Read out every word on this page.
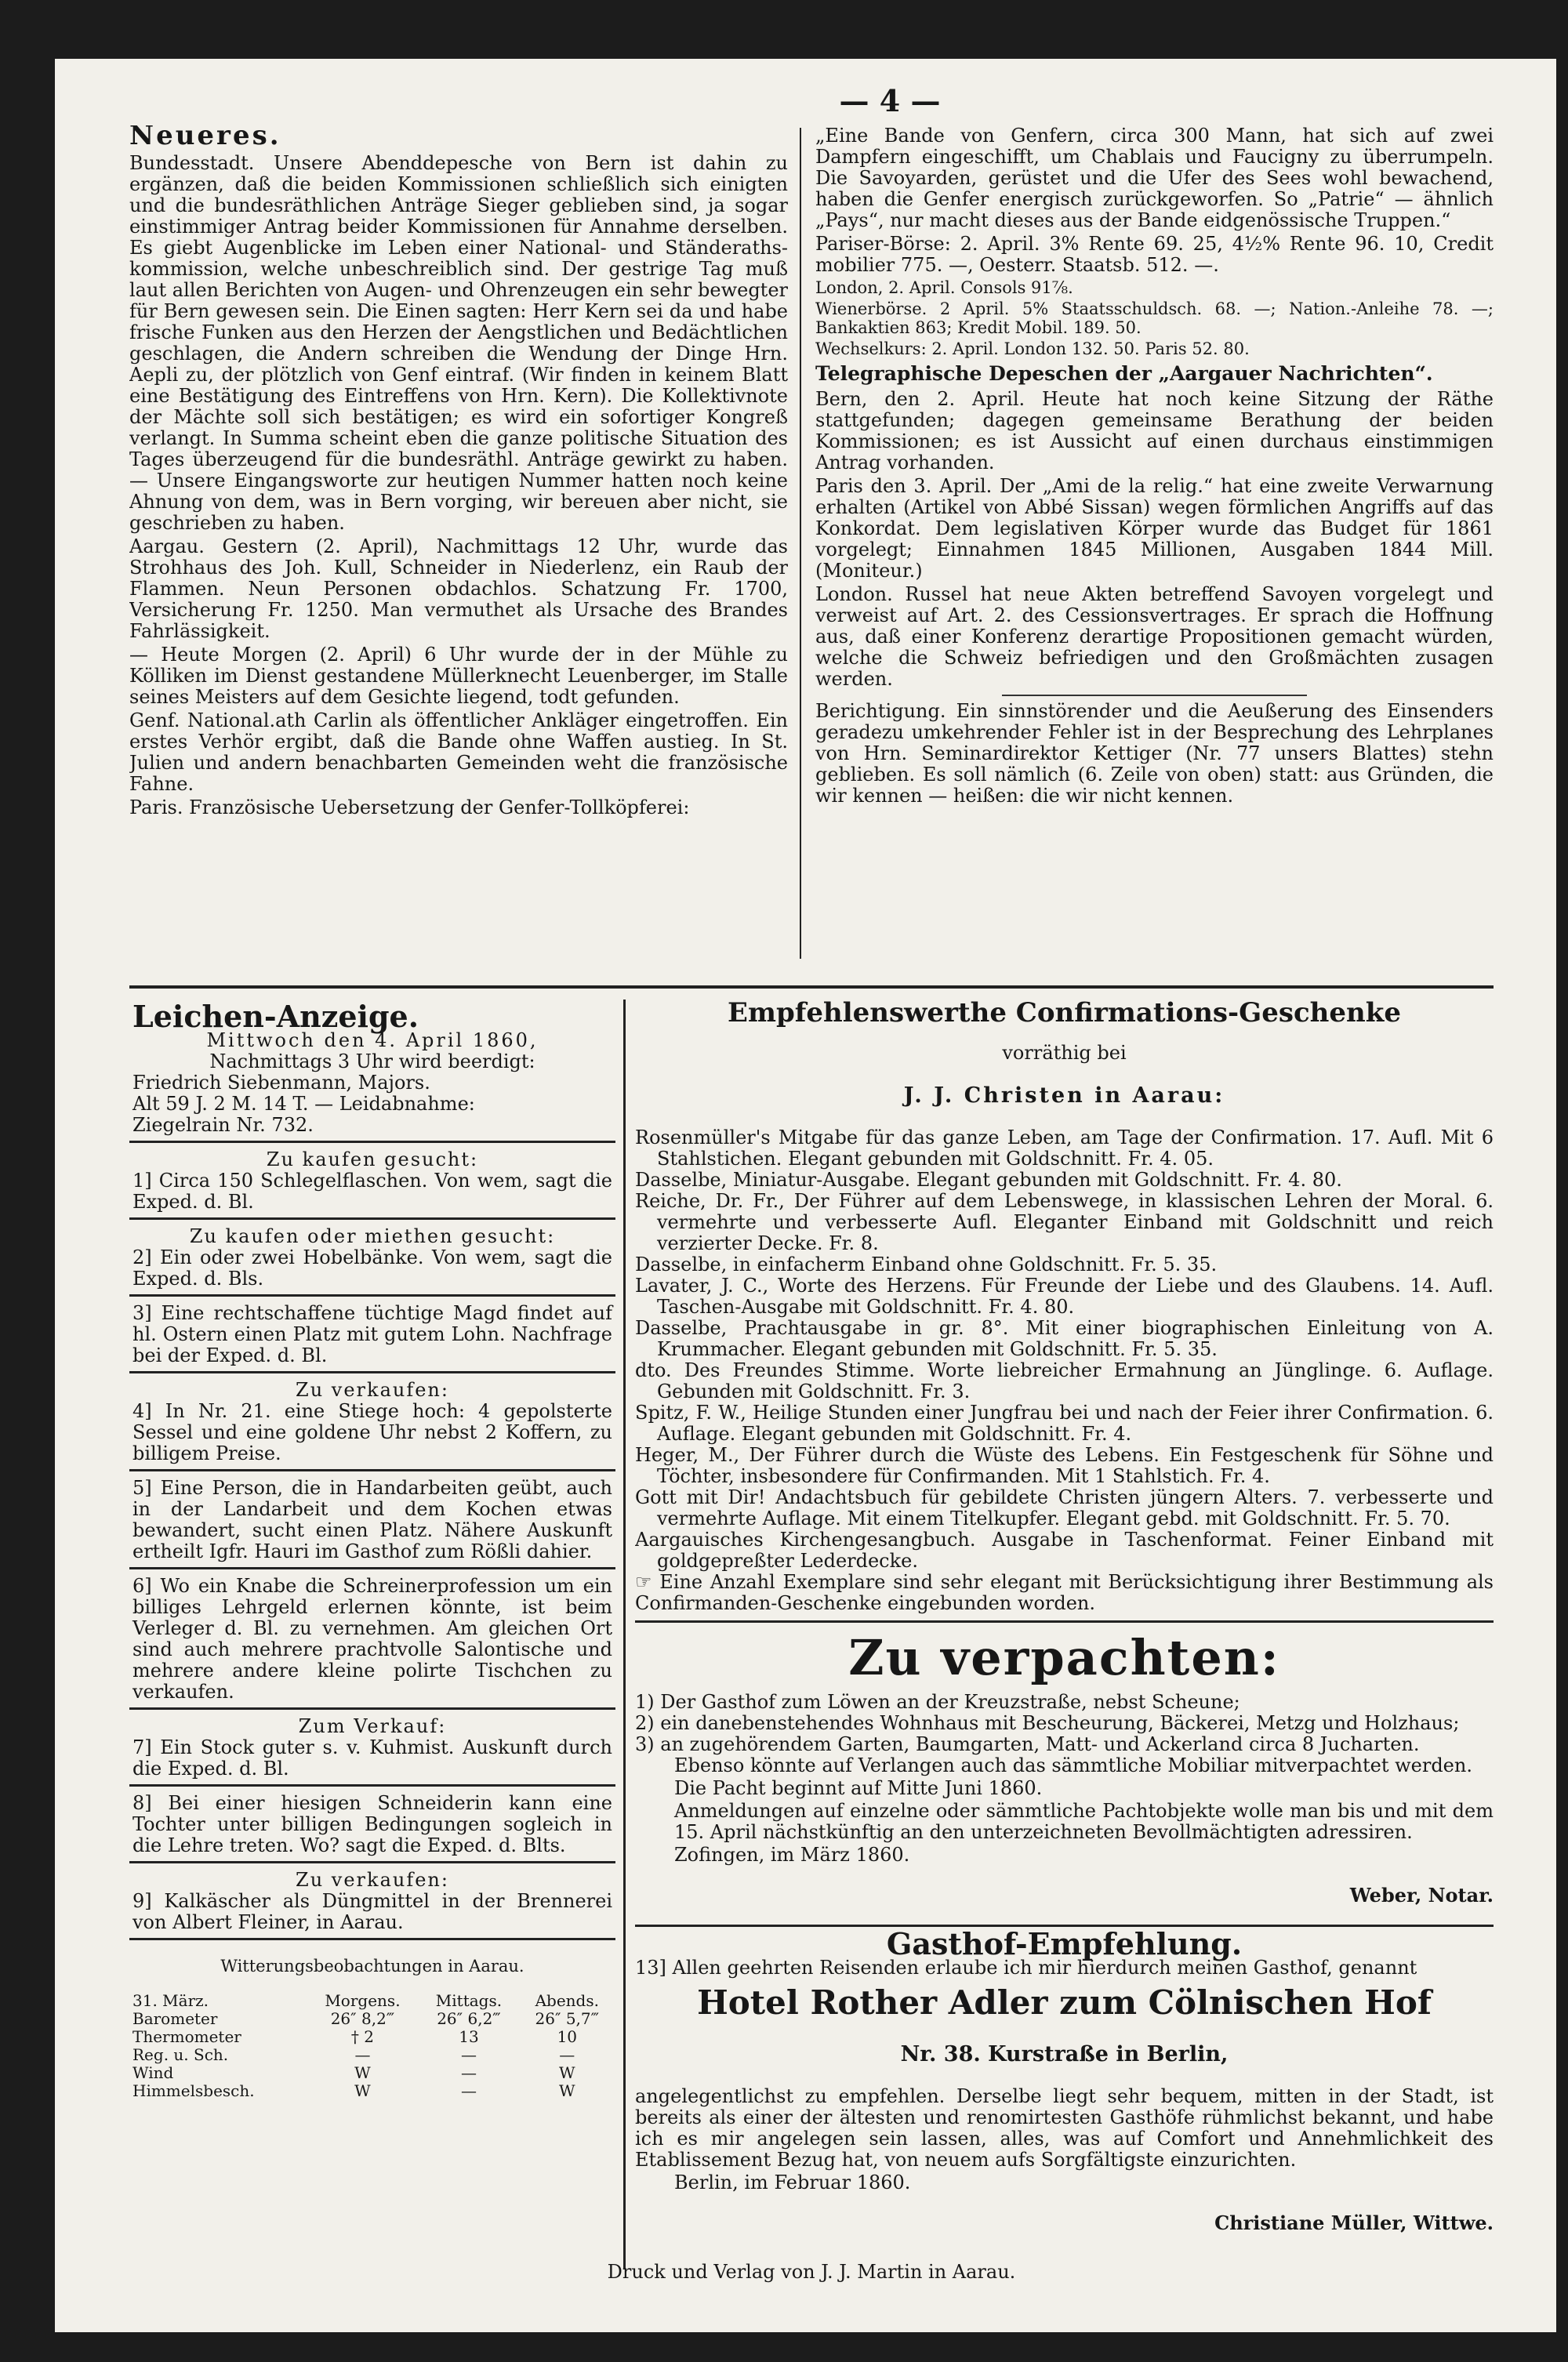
— 4 —

Neueres.

Bundesstadt. Unsere Abenddepesche von Bern ist dahin zu ergänzen, daß die beiden Kommissionen schließlich sich einigten und die bundesräthlichen Anträge Sieger geblieben sind, ja sogar einstimmiger Antrag beider Kommissionen für Annahme derselben. Es giebt Augenblicke im Leben einer National- und Ständerathskommission, welche unbeschreiblich sind. Der gestrige Tag muß laut allen Berichten von Augen- und Ohrenzeugen ein sehr bewegter für Bern gewesen sein. Die Einen sagten: Herr Kern sei da und habe frische Funken aus den Herzen der Aengstlichen und Bedächtlichen geschlagen, die Andern schreiben die Wendung der Dinge Hrn. Aepli zu, der plötzlich von Genf eintraf. (Wir finden in keinem Blatt eine Bestätigung des Eintreffens von Hrn. Kern). Die Kollektivnote der Mächte soll sich bestätigen; es wird ein sofortiger Kongreß verlangt. In Summa scheint eben die ganze politische Situation des Tages überzeugend für die bundesräthl. Anträge gewirkt zu haben. — Unsere Eingangsworte zur heutigen Nummer hatten noch keine Ahnung von dem, was in Bern vorging, wir bereuen aber nicht, sie geschrieben zu haben.

Aargau. Gestern (2. April), Nachmittags 12 Uhr, wurde das Strohhaus des Joh. Kull, Schneider in Niederlenz, ein Raub der Flammen. Neun Personen obdachlos. Schatzung Fr. 1700, Versicherung Fr. 1250. Man vermuthet als Ursache des Brandes Fahrlässigkeit.

— Heute Morgen (2. April) 6 Uhr wurde der in der Mühle zu Kölliken im Dienst gestandene Müllerknecht Leuenberger, im Stalle seines Meisters auf dem Gesichte liegend, todt gefunden.

Genf. National.ath Carlin als öffentlicher Ankläger eingetroffen. Ein erstes Verhör ergibt, daß die Bande ohne Waffen austieg. In St. Julien und andern benachbarten Gemeinden weht die französische Fahne.

Paris. Französische Uebersetzung der Genfer-Tollköpferei:

„Eine Bande von Genfern, circa 300 Mann, hat sich auf zwei Dampfern eingeschifft, um Chablais und Faucigny zu überrumpeln. Die Savoyarden, gerüstet und die Ufer des Sees wohl bewachend, haben die Genfer energisch zurückgeworfen. So „Patrie“ — ähnlich „Pays“, nur macht dieses aus der Bande eidgenössische Truppen.“

Pariser-Börse: 2. April. 3% Rente 69. 25, 4½% Rente 96. 10, Credit mobilier 775. —, Oesterr. Staatsb. 512. —.

London, 2. April. Consols 91⅞.

Wienerbörse. 2 April. 5% Staatsschuldsch. 68. —; Nation.-Anleihe 78. —; Bankaktien 863; Kredit Mobil. 189. 50.

Wechselkurs: 2. April. London 132. 50. Paris 52. 80.

Telegraphische Depeschen der „Aargauer Nachrichten“.

Bern, den 2. April. Heute hat noch keine Sitzung der Räthe stattgefunden; dagegen gemeinsame Berathung der beiden Kommissionen; es ist Aussicht auf einen durchaus einstimmigen Antrag vorhanden.

Paris den 3. April. Der „Ami de la relig.“ hat eine zweite Verwarnung erhalten (Artikel von Abbé Sissan) wegen förmlichen Angriffs auf das Konkordat. Dem legislativen Körper wurde das Budget für 1861 vorgelegt; Einnahmen 1845 Millionen, Ausgaben 1844 Mill. (Moniteur.)

London. Russel hat neue Akten betreffend Savoyen vorgelegt und verweist auf Art. 2. des Cessionsvertrages. Er sprach die Hoffnung aus, daß einer Konferenz derartige Propositionen gemacht würden, welche die Schweiz befriedigen und den Großmächten zusagen werden.

Berichtigung. Ein sinnstörender und die Aeußerung des Einsenders geradezu umkehrender Fehler ist in der Besprechung des Lehrplanes von Hrn. Seminardirektor Kettiger (Nr. 77 unsers Blattes) stehn geblieben. Es soll nämlich (6. Zeile von oben) statt: aus Gründen, die wir kennen — heißen: die wir nicht kennen.

Leichen-Anzeige.

Mittwoch den 4. April 1860,

Nachmittags 3 Uhr wird beerdigt:

Friedrich Siebenmann, Majors.

Alt 59 J. 2 M. 14 T. — Leidabnahme:

Ziegelrain Nr. 732.

Zu kaufen gesucht:

1] Circa 150 Schlegelflaschen. Von wem, sagt die Exped. d. Bl.

Zu kaufen oder miethen gesucht:

2] Ein oder zwei Hobelbänke. Von wem, sagt die Exped. d. Bls.

3] Eine rechtschaffene tüchtige Magd findet auf hl. Ostern einen Platz mit gutem Lohn. Nachfrage bei der Exped. d. Bl.

Zu verkaufen:

4] In Nr. 21. eine Stiege hoch: 4 gepolsterte Sessel und eine goldene Uhr nebst 2 Koffern, zu billigem Preise.

5] Eine Person, die in Handarbeiten geübt, auch in der Landarbeit und dem Kochen etwas bewandert, sucht einen Platz. Nähere Auskunft ertheilt Igfr. Hauri im Gasthof zum Rößli dahier.

6] Wo ein Knabe die Schreinerprofession um ein billiges Lehrgeld erlernen könnte, ist beim Verleger d. Bl. zu vernehmen. Am gleichen Ort sind auch mehrere prachtvolle Salontische und mehrere andere kleine polirte Tischchen zu verkaufen.

Zum Verkauf:

7] Ein Stock guter s. v. Kuhmist. Auskunft durch die Exped. d. Bl.

8] Bei einer hiesigen Schneiderin kann eine Tochter unter billigen Bedingungen sogleich in die Lehre treten. Wo? sagt die Exped. d. Blts.

Zu verkaufen:

9] Kalkäscher als Düngmittel in der Brennerei von Albert Fleiner, in Aarau.

Witterungsbeobachtungen in Aarau.

31. März.	Morgens.	Mittags.	Abends.
Barometer	26″ 8,2‴	26″ 6,2‴	26″ 5,7‴
Thermometer	† 2	13	10
Reg. u. Sch.	—	—	—
Wind	W	—	W
Himmelsbesch.	W	—	W

Empfehlenswerthe Confirmations-Geschenke

vorräthig bei

J. J. Christen in Aarau:

Rosenmüller's Mitgabe für das ganze Leben, am Tage der Confirmation. 17. Aufl. Mit 6 Stahlstichen. Elegant gebunden mit Goldschnitt. Fr. 4. 05.

Dasselbe, Miniatur-Ausgabe. Elegant gebunden mit Goldschnitt. Fr. 4. 80.

Reiche, Dr. Fr., Der Führer auf dem Lebenswege, in klassischen Lehren der Moral. 6. vermehrte und verbesserte Aufl. Eleganter Einband mit Goldschnitt und reich verzierter Decke. Fr. 8.

Dasselbe, in einfacherm Einband ohne Goldschnitt. Fr. 5. 35.

Lavater, J. C., Worte des Herzens. Für Freunde der Liebe und des Glaubens. 14. Aufl. Taschen-Ausgabe mit Goldschnitt. Fr. 4. 80.

Dasselbe, Prachtausgabe in gr. 8°. Mit einer biographischen Einleitung von A. Krummacher. Elegant gebunden mit Goldschnitt. Fr. 5. 35.

dto. Des Freundes Stimme. Worte liebreicher Ermahnung an Jünglinge. 6. Auflage. Gebunden mit Goldschnitt. Fr. 3.

Spitz, F. W., Heilige Stunden einer Jungfrau bei und nach der Feier ihrer Confirmation. 6. Auflage. Elegant gebunden mit Goldschnitt. Fr. 4.

Heger, M., Der Führer durch die Wüste des Lebens. Ein Festgeschenk für Söhne und Töchter, insbesondere für Confirmanden. Mit 1 Stahlstich. Fr. 4.

Gott mit Dir! Andachtsbuch für gebildete Christen jüngern Alters. 7. verbesserte und vermehrte Auflage. Mit einem Titelkupfer. Elegant gebd. mit Goldschnitt. Fr. 5. 70.

Aargauisches Kirchengesangbuch. Ausgabe in Taschenformat. Feiner Einband mit goldgepreßter Lederdecke.

☞ Eine Anzahl Exemplare sind sehr elegant mit Berücksichtigung ihrer Bestimmung als Confirmanden-Geschenke eingebunden worden.

Zu verpachten:

1) Der Gasthof zum Löwen an der Kreuzstraße, nebst Scheune;

2) ein danebenstehendes Wohnhaus mit Bescheurung, Bäckerei, Metzg und Holzhaus;

3) an zugehörendem Garten, Baumgarten, Matt- und Ackerland circa 8 Jucharten.

Ebenso könnte auf Verlangen auch das sämmtliche Mobiliar mitverpachtet werden.

Die Pacht beginnt auf Mitte Juni 1860.

Anmeldungen auf einzelne oder sämmtliche Pachtobjekte wolle man bis und mit dem 15. April nächstkünftig an den unterzeichneten Bevollmächtigten adressiren.

Zofingen, im März 1860.

Weber, Notar.

Gasthof-Empfehlung.

13] Allen geehrten Reisenden erlaube ich mir hierdurch meinen Gasthof, genannt

Hotel Rother Adler zum Cölnischen Hof

Nr. 38. Kurstraße in Berlin,

angelegentlichst zu empfehlen. Derselbe liegt sehr bequem, mitten in der Stadt, ist bereits als einer der ältesten und renomirtesten Gasthöfe rühmlichst bekannt, und habe ich es mir angelegen sein lassen, alles, was auf Comfort und Annehmlichkeit des Etablissement Bezug hat, von neuem aufs Sorgfältigste einzurichten.

Berlin, im Februar 1860.

Christiane Müller, Wittwe.

Druck und Verlag von J. J. Martin in Aarau.
